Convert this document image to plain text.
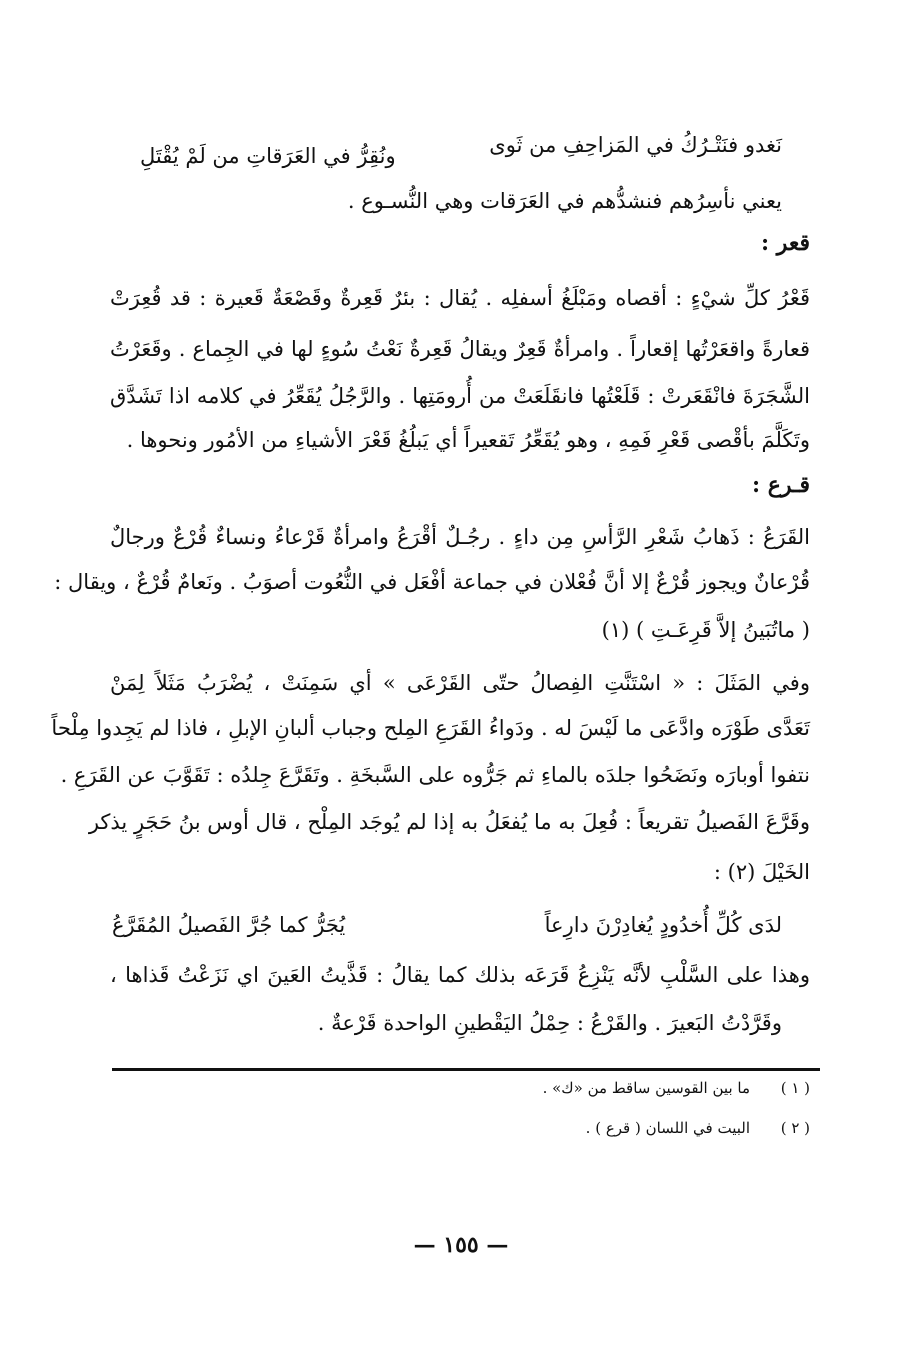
نَغدو فنَتْـرُكُ في المَزاحِفِ من ثَوى
ونُقِرُّ في العَرَقاتِ من لَمْ يُقْتَلِ
يعني نأسِرُهم فنشدُّهم في العَرَقات وهي النُّسـوع .
قعر :
قَعْرُ كلِّ شيْءٍ : أقصاه ومَبْلَغُ أسفلِه . يُقال : بئرٌ قَعِرةٌ وقَصْعَةٌ قَعيرة : قد قُعِرَتْ
قعارةً واقعَرْتُها إقعاراً . وامرأةٌ قَعِرٌ ويقالُ قَعِرةٌ نَعْتُ سُوءٍ لها في الجِماع . وقَعَرْتُ
الشَّجَرَةَ فانْقَعَرتْ : قَلَعْتُها فانقَلَعَتْ من أُرومَتِها . والرَّجُلُ يُقَعِّرُ في كلامه اذا تَشَدَّق
وتَكَلَّمَ بأقْصى قَعْرِ فَمِهِ ، وهو يُقَعِّرُ تَقعيراً أي يَبلُغُ قَعْرَ الأشياءِ من الأمُور ونحوها .
قـرع :
القَرَعُ : ذَهابُ شَعْرِ الرَّأسِ مِن داءٍ . رجُـلٌ أقْرَعُ وامرأةٌ قَرْعاءُ ونساءٌ قُرْعٌ ورجالٌ
قُرْعانٌ ويجوز قُرْعٌ إلا أنَّ فُعْلان في جماعة أفْعَل في النُّعُوت أصوَبُ . ونَعامٌ قُرْعٌ ، ويقال :
( ماتُبَينُ إلاَّ قَرِعَـتِ ) (١)
وفي المَثَلَ : « اسْتَنَّتِ الفِصالُ حتّى القَرْعَى » أي سَمِنَتْ ، يُضْرَبُ مَثَلاً لِمَنْ
تَعَدَّى طَوْرَه وادَّعَى ما لَيْسَ له . ودَواءُ القَرَعِ المِلح وجباب ألبانِ الإبلِ ، فاذا لم يَجِدوا مِلْحاً
نتفوا أوبارَه ونَضَحُوا جلدَه بالماءِ ثم جَرُّوه على السَّبخَةِ . وتَقَرَّعَ جِلدُه : تَقَوَّبَ عن القَرَعِ .
وقَرَّعَ الفَصيلُ تقريعاً : فُعِلَ به ما يُفعَلُ به إذا لم يُوجَد المِلْح ، قال أوس بنُ حَجَرٍ يذكر
الخَيْلَ (٢) :
لدَى كُلِّ أُخدُودٍ يُغادِرْنَ دارِعاً
يُجَرُّ كما جُرَّ الفَصيلُ المُقَرَّعُ
وهذا على السَّلْبِ لأنَّه يَنْزِعُ قَرَعَه بذلك كما يقالُ : قَذَّيتُ العَينَ اي نَزَعْتُ قَذاها ،
وقَرَّدْتُ البَعيرَ . والقَرْعُ : حِمْلُ اليَقْطينِ الواحدة قَرْعةٌ .
( ١ )
ما بين القوسين ساقط من «ك» .
( ٢ )
البيت في اللسان ( قرع ) .
— ١٥٥ —
